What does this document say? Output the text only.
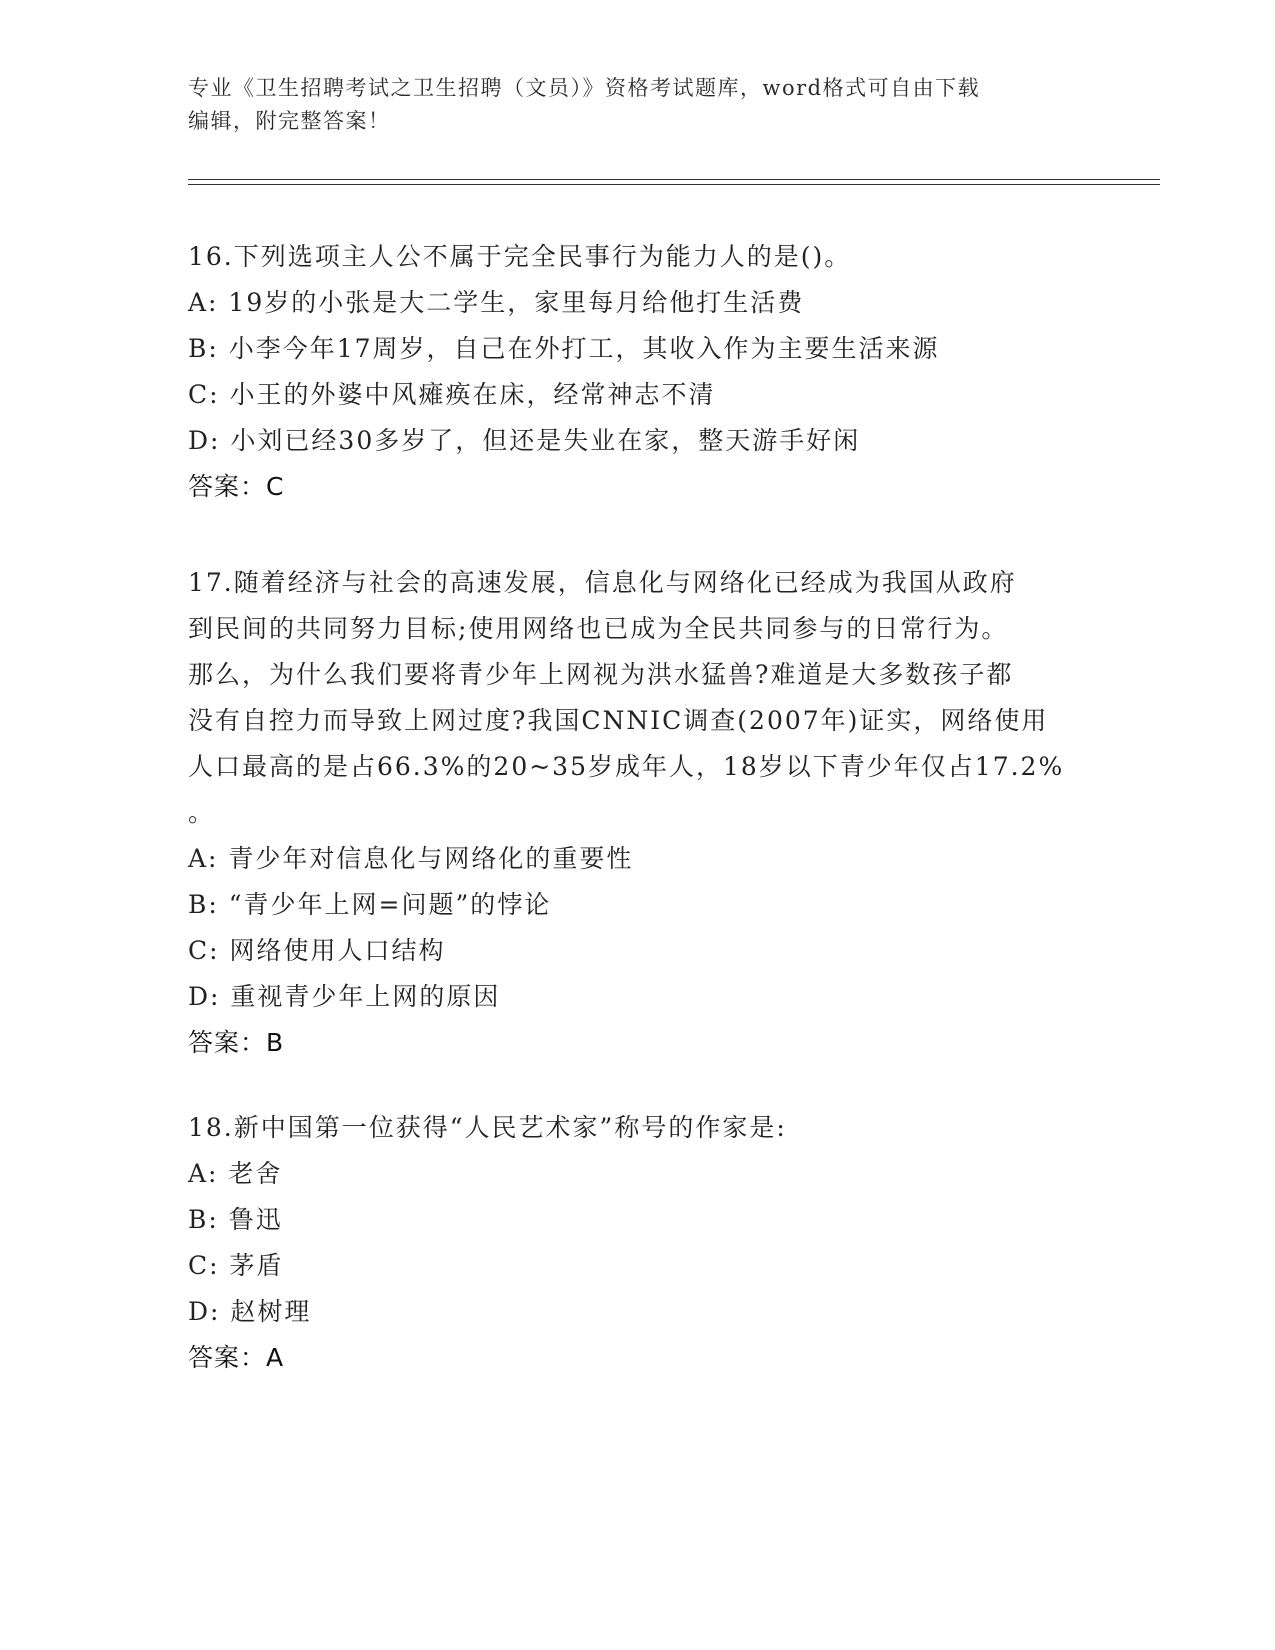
专业《卫生招聘考试之卫生招聘（文员）》资格考试题库，word格式可自由下载
编辑，附完整答案！
16.下列选项主人公不属于完全民事行为能力人的是()。
A: 19岁的小张是大二学生，家里每月给他打生活费
B: 小李今年17周岁，自己在外打工，其收入作为主要生活来源
C: 小王的外婆中风瘫痪在床，经常神志不清
D: 小刘已经30多岁了，但还是失业在家，整天游手好闲
答案：C
17.随着经济与社会的高速发展，信息化与网络化已经成为我国从政府
到民间的共同努力目标;使用网络也已成为全民共同参与的日常行为。
那么，为什么我们要将青少年上网视为洪水猛兽?难道是大多数孩子都
没有自控力而导致上网过度?我国CNNIC调查(2007年)证实，网络使用
人口最高的是占66.3%的20~35岁成年人，18岁以下青少年仅占17.2%
。
A: 青少年对信息化与网络化的重要性
B: “青少年上网=问题”的悖论
C: 网络使用人口结构
D: 重视青少年上网的原因
答案：B
18.新中国第一位获得“人民艺术家”称号的作家是:
A: 老舍
B: 鲁迅
C: 茅盾
D: 赵树理
答案：A
